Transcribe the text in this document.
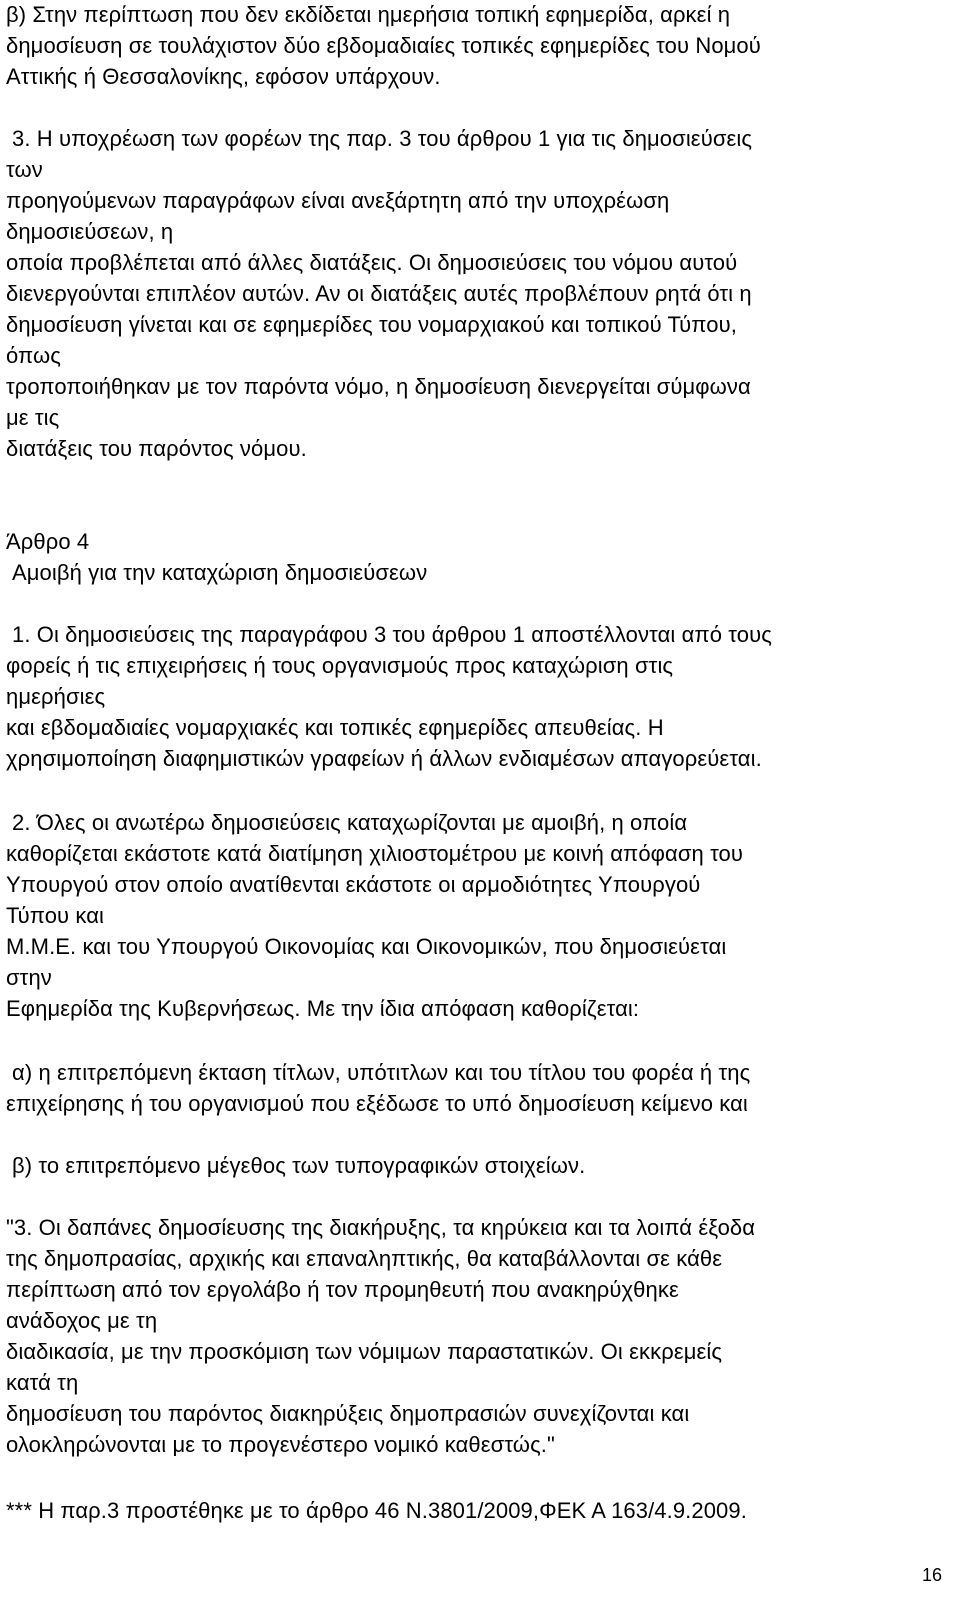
β) Στην περίπτωση που δεν εκδίδεται ημερήσια τοπική εφημερίδα, αρκεί η
δημοσίευση σε τουλάχιστον δύο εβδομαδιαίες τοπικές εφημερίδες του Νομού
Αττικής ή Θεσσαλονίκης, εφόσον υπάρχουν.
3. Η υποχρέωση των φορέων της παρ. 3 του άρθρου 1 για τις δημοσιεύσεις
των
προηγούμενων παραγράφων είναι ανεξάρτητη από την υποχρέωση
δημοσιεύσεων, η
οποία προβλέπεται από άλλες διατάξεις. Οι δημοσιεύσεις του νόμου αυτού
διενεργούνται επιπλέον αυτών. Αν οι διατάξεις αυτές προβλέπουν ρητά ότι η
δημοσίευση γίνεται και σε εφημερίδες του νομαρχιακού και τοπικού Τύπου,
όπως
τροποποιήθηκαν με τον παρόντα νόμο, η δημοσίευση διενεργείται σύμφωνα
με τις
διατάξεις του παρόντος νόμου.
Άρθρο 4
Αμοιβή για την καταχώριση δημοσιεύσεων
1. Οι δημοσιεύσεις της παραγράφου 3 του άρθρου 1 αποστέλλονται από τους
φορείς ή τις επιχειρήσεις ή τους οργανισμούς προς καταχώριση στις
ημερήσιες
και εβδομαδιαίες νομαρχιακές και τοπικές εφημερίδες απευθείας. Η
χρησιμοποίηση διαφημιστικών γραφείων ή άλλων ενδιαμέσων απαγορεύεται.
2. Όλες οι ανωτέρω δημοσιεύσεις καταχωρίζονται με αμοιβή, η οποία
καθορίζεται εκάστοτε κατά διατίμηση χιλιοστομέτρου με κοινή απόφαση του
Υπουργού στον οποίο ανατίθενται εκάστοτε οι αρμοδιότητες Υπουργού
Τύπου και
Μ.Μ.Ε. και του Υπουργού Οικονομίας και Οικονομικών, που δημοσιεύεται
στην
Εφημερίδα της Κυβερνήσεως. Με την ίδια απόφαση καθορίζεται:
α) η επιτρεπόμενη έκταση τίτλων, υπότιτλων και του τίτλου του φορέα ή της
επιχείρησης ή του οργανισμού που εξέδωσε το υπό δημοσίευση κείμενο και
β) το επιτρεπόμενο μέγεθος των τυπογραφικών στοιχείων.
"3. Οι δαπάνες δημοσίευσης της διακήρυξης, τα κηρύκεια και τα λοιπά έξοδα
της δημοπρασίας, αρχικής και επαναληπτικής, θα καταβάλλονται σε κάθε
περίπτωση από τον εργολάβο ή τον προμηθευτή που ανακηρύχθηκε
ανάδοχος με τη
διαδικασία, με την προσκόμιση των νόμιμων παραστατικών. Οι εκκρεμείς
κατά τη
δημοσίευση του παρόντος διακηρύξεις δημοπρασιών συνεχίζονται και
ολοκληρώνονται με το προγενέστερο νομικό καθεστώς."
*** Η παρ.3 προστέθηκε με το άρθρο 46 Ν.3801/2009,ΦΕΚ Α 163/4.9.2009.
16
